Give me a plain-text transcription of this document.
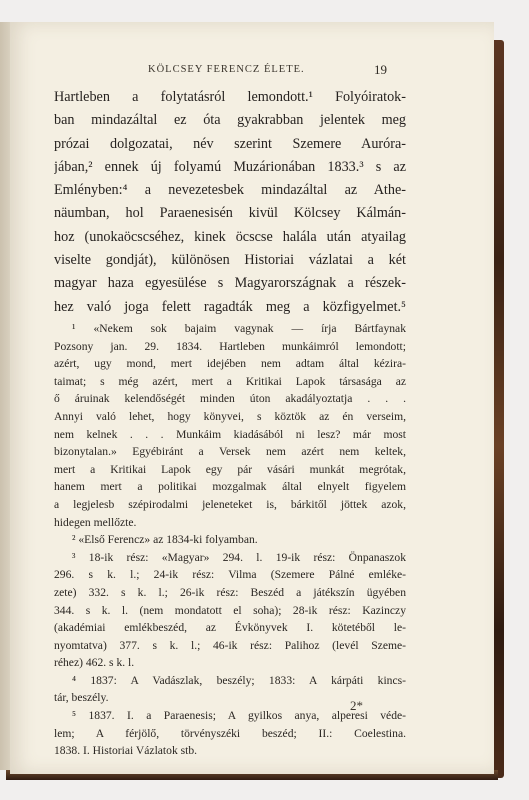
KÖLCSEY FERENCZ ÉLETE.	19
Hartleben a folytatásról lemondott.¹ Folyóiratok-
ban mindazáltal ez óta gyakrabban jelentek meg
prózai dolgozatai, név szerint Szemere Auróra-
jában,² ennek új folyamú Muzárionában 1833.³ s az
Emlényben:⁴ a nevezetesbek mindazáltal az Athe-
näumban, hol Paraenesisén kivül Kölcsey Kálmán-
hoz (unokaöcscséhez, kinek öcscse halála után atyailag
viselte gondját), különösen Historiai vázlatai a két
magyar haza egyesülése s Magyarországnak a részek-
hez való joga felett ragadták meg a közfigyelmet.⁵
¹ «Nekem sok bajaim vagynak — írja Bártfaynak
Pozsony jan. 29. 1834. Hartleben munkáimról lemondott;
azért, ugy mond, mert idejében nem adtam által kézira-
taimat; s még azért, mert a Kritikai Lapok társasága az
ő áruinak kelendőségét minden úton akadályoztatja . . .
Annyi való lehet, hogy könyvei, s köztök az én verseim,
nem kelnek . . . Munkáim kiadásából ni lesz? már most
bizonytalan.» Egyébiránt a Versek nem azért nem keltek,
mert a Kritikai Lapok egy pár vásári munkát megrótak,
hanem mert a politikai mozgalmak által elnyelt figyelem
a legjelesb szépirodalmi jeleneteket is, bárkitől jöttek azok,
hidegen mellőzte.
² «Első Ferencz» az 1834-ki folyamban.
³ 18-ik rész: «Magyar» 294. l. 19-ik rész: Önpanaszok
296. s k. l.; 24-ik rész: Vilma (Szemere Pálné emléke-
zete) 332. s k. l.; 26-ik rész: Beszéd a játékszín ügyében
344. s k. l. (nem mondatott el soha); 28-ik rész: Kazinczy
(akadémiai emlékbeszéd, az Évkönyvek I. kötetéből le-
nyomtatva) 377. s k. l.; 46-ik rész: Palihoz (levél Szeme-
réhez) 462. s k. l.
⁴ 1837: A Vadászlak, beszély; 1833: A kárpáti kincs-
tár, beszély.
⁵ 1837. I. a Paraenesis; A gyilkos anya, alperesi véde-
lem; A férjölő, törvényszéki beszéd; II.: Coelestina.
1838. I. Historiai Vázlatok stb.
2*
